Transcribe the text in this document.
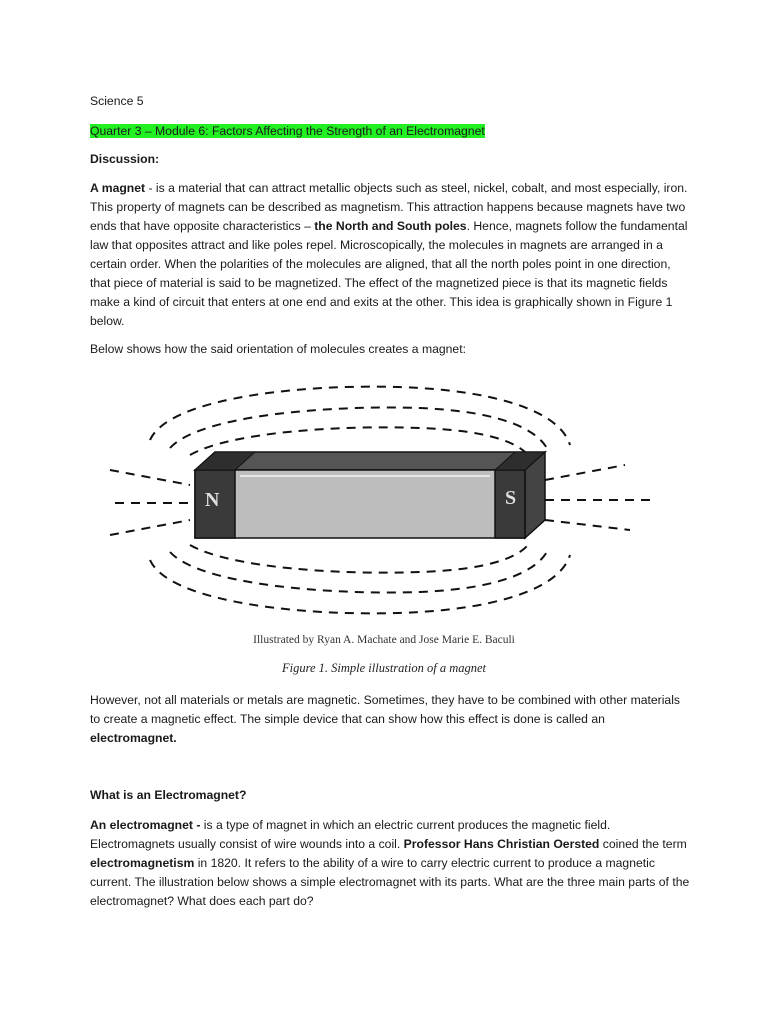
Science 5
Quarter 3 – Module 6: Factors Affecting the Strength of an Electromagnet
Discussion:

A magnet - is a material that can attract metallic objects such as steel, nickel, cobalt, and most especially, iron. This property of magnets can be described as magnetism. This attraction happens because magnets have two ends that have opposite characteristics – the North and South poles. Hence, magnets follow the fundamental law that opposites attract and like poles repel. Microscopically, the molecules in magnets are arranged in a certain order. When the polarities of the molecules are aligned, that all the north poles point in one direction, that piece of material is said to be magnetized. The effect of the magnetized piece is that its magnetic fields make a kind of circuit that enters at one end and exits at the other. This idea is graphically shown in Figure 1 below.

Below shows how the said orientation of molecules creates a magnet:

However, not all materials or metals are magnetic. Sometimes, they have to be combined with other materials to create a magnetic effect. The simple device that can show how this effect is done is called an electromagnet.

What is an Electromagnet?

An electromagnet - is a type of magnet in which an electric current produces the magnetic field. Electromagnets usually consist of wire wounds into a coil. Professor Hans Christian Oersted coined the term electromagnetism in 1820. It refers to the ability of a wire to carry electric current to produce a magnetic current. The illustration below shows a simple electromagnet with its parts. What are the three main parts of the electromagnet? What does each part do?

N	S
Illustrated by Ryan A. Machate and Jose Marie E. Baculi
Figure 1. Simple illustration of a magnet
